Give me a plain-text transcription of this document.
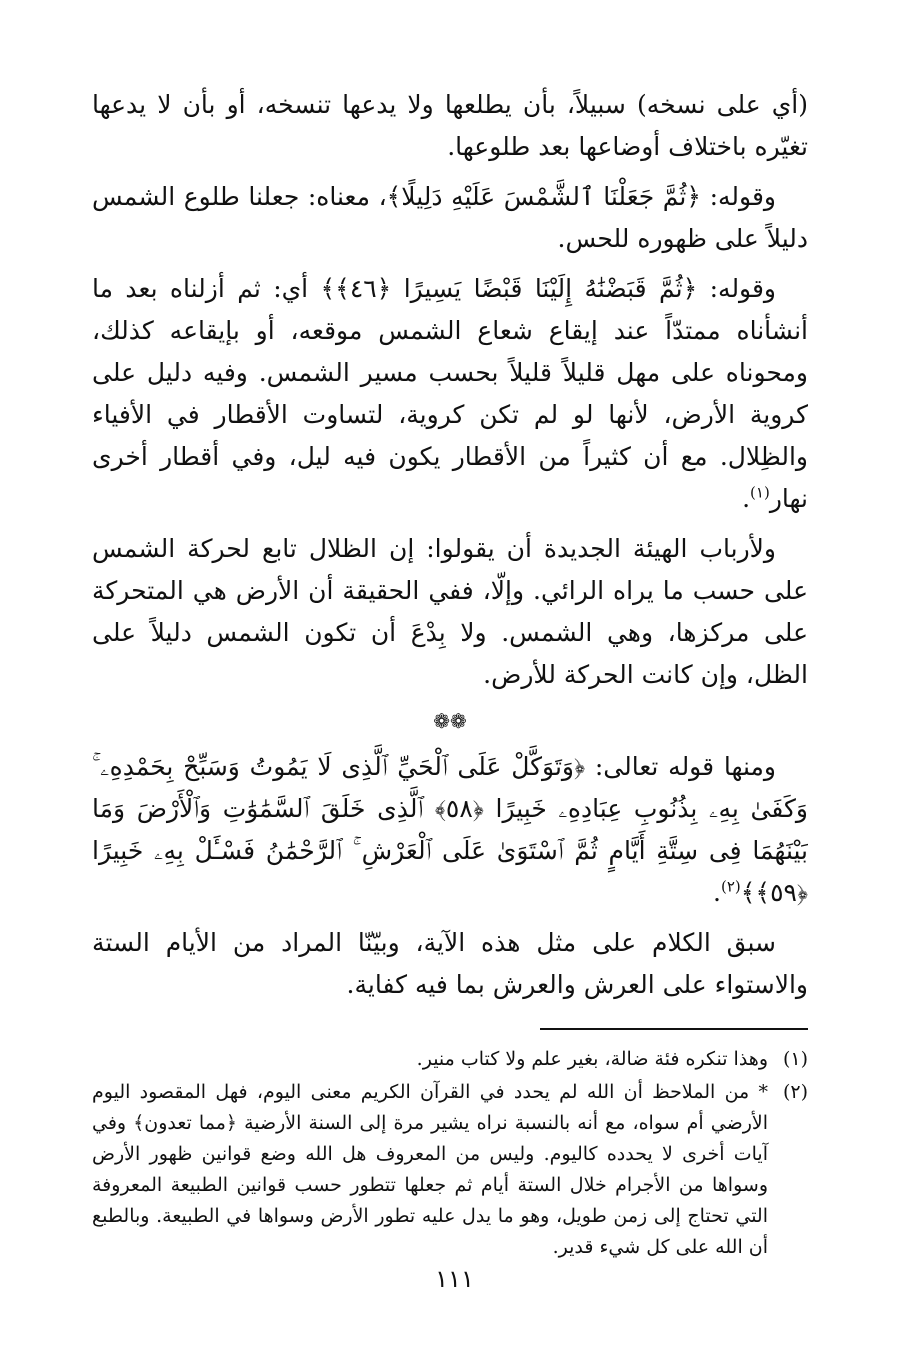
(أي على نسخه) سبيلاً، بأن يطلعها ولا يدعها تنسخه، أو بأن لا يدعها تغيّره باختلاف أوضاعها بعد طلوعها.

وقوله: ﴿ثُمَّ جَعَلْنَا ٱلشَّمْسَ عَلَيْهِ دَلِيلًا﴾، معناه: جعلنا طلوع الشمس دليلاً على ظهوره للحس.

وقوله: ﴿ثُمَّ قَبَضْنَٰهُ إِلَيْنَا قَبْضًا يَسِيرًا ﴿٤٦﴾﴾ أي: ثم أزلناه بعد ما أنشأناه ممتدّاً عند إيقاع شعاع الشمس موقعه، أو بإيقاعه كذلك، ومحوناه على مهل قليلاً قليلاً بحسب مسير الشمس. وفيه دليل على كروية الأرض، لأنها لو لم تكن كروية، لتساوت الأقطار في الأفياء والظِلال. مع أن كثيراً من الأقطار يكون فيه ليل، وفي أقطار أخرى نهار$^{(١)}$.

ولأرباب الهيئة الجديدة أن يقولوا: إن الظلال تابع لحركة الشمس على حسب ما يراه الرائي. وإلّا، ففي الحقيقة أن الأرض هي المتحركة على مركزها، وهي الشمس. ولا بِدْعَ أن تكون الشمس دليلاً على الظل، وإن كانت الحركة للأرض.

❁❁

ومنها قوله تعالى: ﴿وَتَوَكَّلْ عَلَى ٱلْحَيِّ ٱلَّذِى لَا يَمُوتُ وَسَبِّحْ بِحَمْدِهِۦ ۚ وَكَفَىٰ بِهِۦ بِذُنُوبِ عِبَادِهِۦ خَبِيرًا ﴿٥٨﴾ ٱلَّذِى خَلَقَ ٱلسَّمَٰوَٰتِ وَٱلْأَرْضَ وَمَا بَيْنَهُمَا فِى سِتَّةِ أَيَّامٍ ثُمَّ ٱسْتَوَىٰ عَلَى ٱلْعَرْشِ ۚ ٱلرَّحْمَٰنُ فَسْـَٔلْ بِهِۦ خَبِيرًا ﴿٥٩﴾﴾$^{(٢)}$.

سبق الكلام على مثل هذه الآية، وبيّنّا المراد من الأيام الستة والاستواء على العرش والعرش بما فيه كفاية.

(١)
وهذا تنكره فئة ضالة، بغير علم ولا كتاب منير.
(٢)
* من الملاحظ أن الله لم يحدد في القرآن الكريم معنى اليوم، فهل المقصود اليوم الأرضي أم سواه، مع أنه بالنسبة نراه يشير مرة إلى السنة الأرضية ﴿مما تعدون﴾ وفي آيات أخرى لا يحدده كاليوم. وليس من المعروف هل الله وضع قوانين ظهور الأرض وسواها من الأجرام خلال الستة أيام ثم جعلها تتطور حسب قوانين الطبيعة المعروفة التي تحتاج إلى زمن طويل، وهو ما يدل عليه تطور الأرض وسواها في الطبيعة. وبالطبع أن الله على كل شيء قدير.
١١١
